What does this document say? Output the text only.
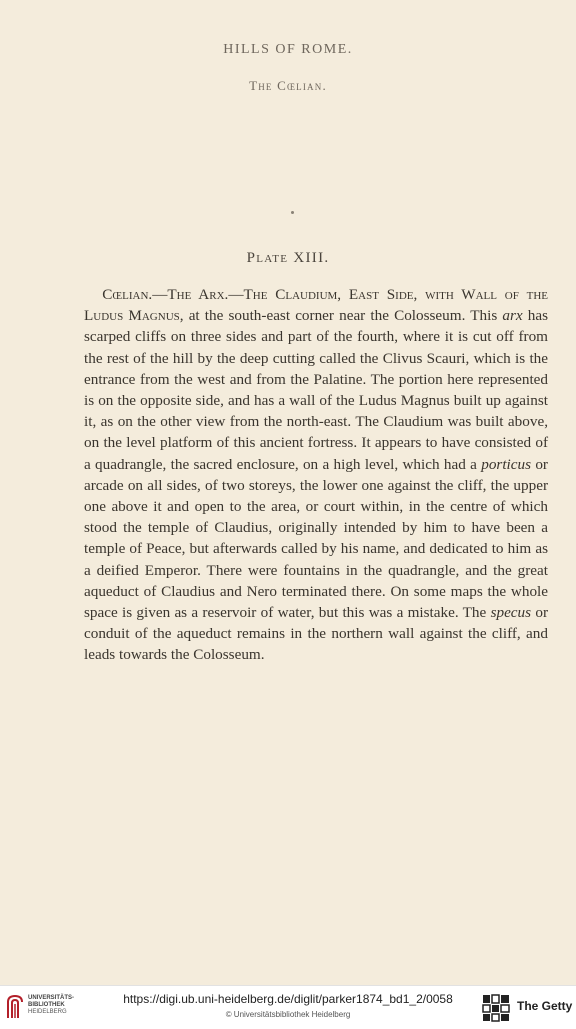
HILLS OF ROME.
The Cœlian.
Plate XIII.

Cœlian.—The Arx.—The Claudium, East Side, with Wall of the Ludus Magnus, at the south-east corner near the Colosseum. This arx has scarped cliffs on three sides and part of the fourth, where it is cut off from the rest of the hill by the deep cutting called the Clivus Scauri, which is the entrance from the west and from the Palatine. The portion here represented is on the opposite side, and has a wall of the Ludus Magnus built up against it, as on the other view from the north-east. The Claudium was built above, on the level platform of this ancient fortress. It appears to have consisted of a quadrangle, the sacred enclosure, on a high level, which had a porticus or arcade on all sides, of two storeys, the lower one against the cliff, the upper one above it and open to the area, or court within, in the centre of which stood the temple of Claudius, originally intended by him to have been a temple of Peace, but afterwards called by his name, and dedicated to him as a deified Emperor. There were fountains in the quadrangle, and the great aqueduct of Claudius and Nero terminated there. On some maps the whole space is given as a reservoir of water, but this was a mistake. The specus or conduit of the aqueduct remains in the northern wall against the cliff, and leads towards the Colosseum.

UNIVERSITÄTS-
BIBLIOTHEK
HEIDELBERG
https://digi.ub.uni-heidelberg.de/diglit/parker1874_bd1_2/0058
© Universitätsbibliothek Heidelberg
The Getty
